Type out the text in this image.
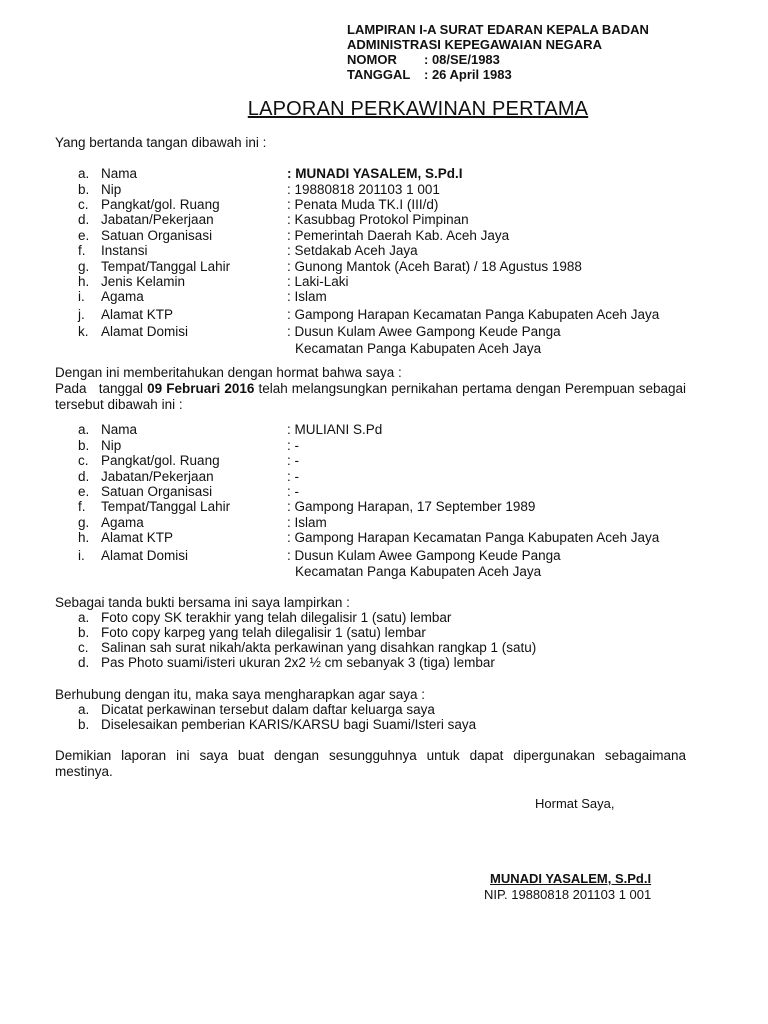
LAMPIRAN I-A SURAT EDARAN KEPALA BADAN
ADMINISTRASI KEPEGAWAIAN NEGARA
NOMOR : 08/SE/1983
TANGGAL : 26 April 1983
LAPORAN PERKAWINAN PERTAMA
Yang bertanda tangan dibawah ini :
a. Nama	: MUNADI YASALEM, S.Pd.I
b. Nip	: 19880818 201103 1 001
c. Pangkat/gol. Ruang	: Penata Muda TK.I (III/d)
d. Jabatan/Pekerjaan	: Kasubbag Protokol Pimpinan
e. Satuan Organisasi	: Pemerintah Daerah Kab. Aceh Jaya
f. Instansi	: Setdakab Aceh Jaya
g. Tempat/Tanggal Lahir	: Gunong Mantok (Aceh Barat) / 18 Agustus 1988
h. Jenis Kelamin	: Laki-Laki
i. Agama	: Islam
j. Alamat KTP	: Gampong Harapan Kecamatan Panga Kabupaten Aceh Jaya
k. Alamat Domisi	: Dusun Kulam Awee Gampong Keude Panga
Kecamatan Panga Kabupaten Aceh Jaya
Dengan ini memberitahukan dengan hormat bahwa saya :
Pada   tanggal 09 Februari 2016 telah melangsungkan pernikahan pertama dengan Perempuan sebagai tersebut dibawah ini :
a. Nama	: MULIANI S.Pd
b. Nip	: -
c. Pangkat/gol. Ruang	: -
d. Jabatan/Pekerjaan	: -
e. Satuan Organisasi	: -
f. Tempat/Tanggal Lahir	: Gampong Harapan, 17 September 1989
g. Agama	: Islam
h. Alamat KTP	: Gampong Harapan Kecamatan Panga Kabupaten Aceh Jaya
i. Alamat Domisi	: Dusun Kulam Awee Gampong Keude Panga
Kecamatan Panga Kabupaten Aceh Jaya
Sebagai tanda bukti bersama ini saya lampirkan :
a. Foto copy SK terakhir yang telah dilegalisir 1 (satu) lembar
b. Foto copy karpeg yang telah dilegalisir 1 (satu) lembar
c. Salinan sah surat nikah/akta perkawinan yang disahkan rangkap 1 (satu)
d. Pas Photo suami/isteri ukuran 2x2 ½ cm sebanyak 3 (tiga) lembar
Berhubung dengan itu, maka saya mengharapkan agar saya :
a. Dicatat perkawinan tersebut dalam daftar keluarga saya
b. Diselesaikan pemberian KARIS/KARSU bagi Suami/Isteri saya
Demikian laporan ini saya buat dengan sesungguhnya untuk dapat dipergunakan sebagaimana mestinya.
Hormat Saya,
MUNADI YASALEM, S.Pd.I
NIP. 19880818 201103 1 001
